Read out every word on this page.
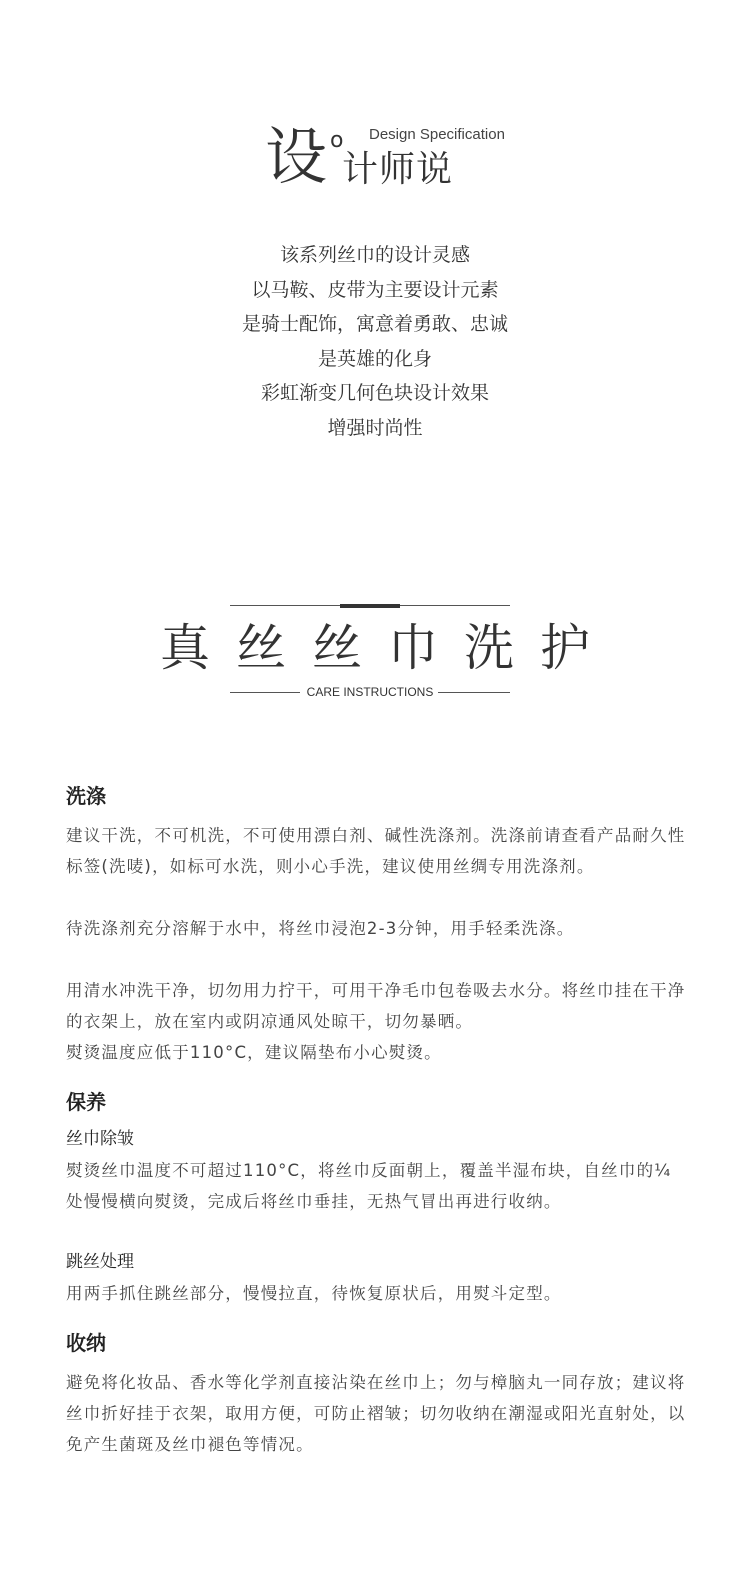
设 o Design Specification
计师说

该系列丝巾的设计灵感

以马鞍、皮带为主要设计元素

是骑士配饰，寓意着勇敢、忠诚

是英雄的化身

彩虹渐变几何色块设计效果

增强时尚性

真丝丝巾洗护
CARE INSTRUCTIONS
洗涤

建议干洗，不可机洗，不可使用漂白剂、碱性洗涤剂。洗涤前请查看产品耐久性标签(洗唛)，如标可水洗，则小心手洗，建议使用丝绸专用洗涤剂。

待洗涤剂充分溶解于水中，将丝巾浸泡2-3分钟，用手轻柔洗涤。

用清水冲洗干净，切勿用力拧干，可用干净毛巾包卷吸去水分。将丝巾挂在干净的衣架上，放在室内或阴凉通风处晾干，切勿暴晒。

熨烫温度应低于110°C，建议隔垫布小心熨烫。

保养

丝巾除皱

熨烫丝巾温度不可超过110°C，将丝巾反面朝上，覆盖半湿布块，自丝巾的¼处慢慢横向熨烫，完成后将丝巾垂挂，无热气冒出再进行收纳。

跳丝处理

用两手抓住跳丝部分，慢慢拉直，待恢复原状后，用熨斗定型。

收纳

避免将化妆品、香水等化学剂直接沾染在丝巾上；勿与樟脑丸一同存放；建议将丝巾折好挂于衣架，取用方便，可防止褶皱；切勿收纳在潮湿或阳光直射处，以免产生菌斑及丝巾褪色等情况。
